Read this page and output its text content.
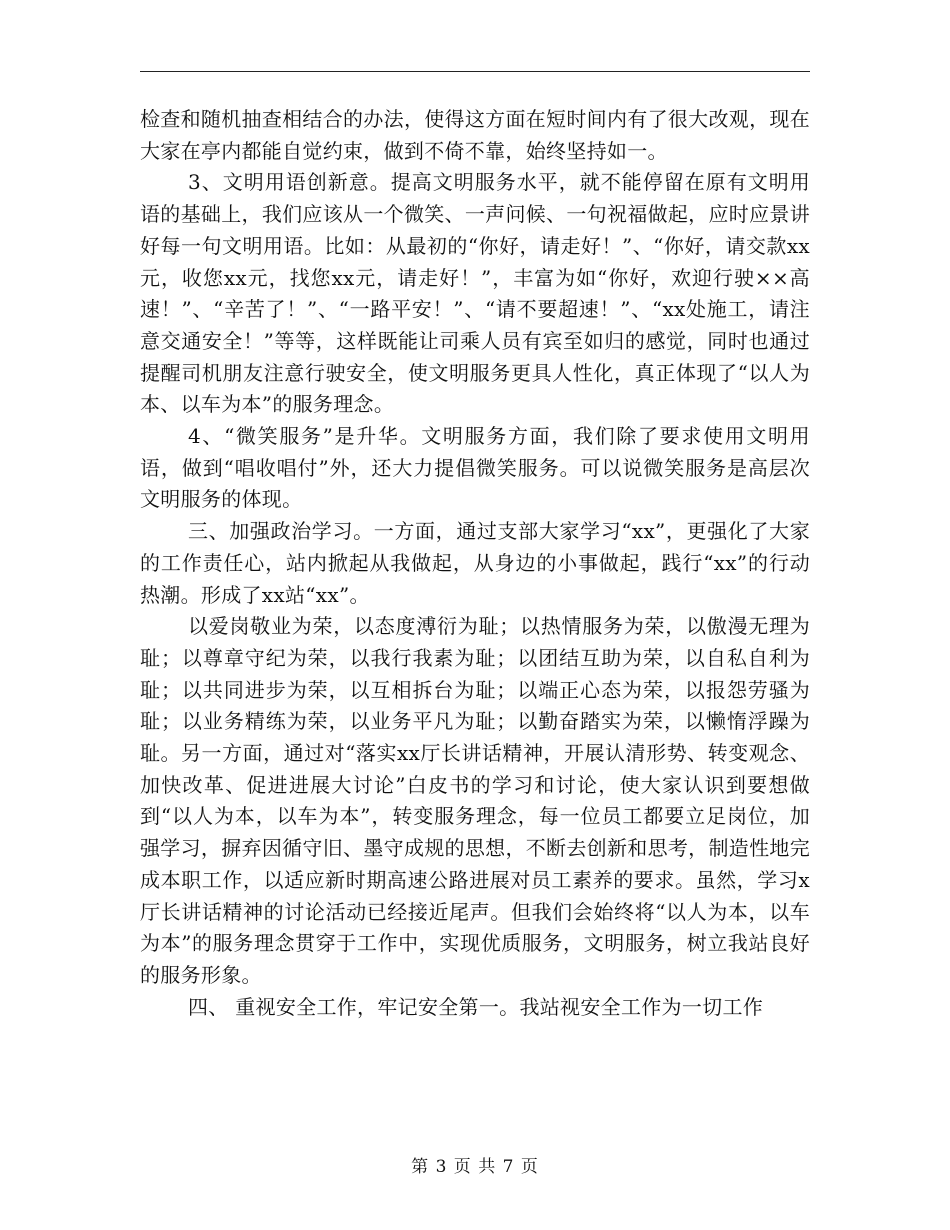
检查和随机抽查相结合的办法，使得这方面在短时间内有了很大改观，现在大家在亭内都能自觉约束，做到不倚不靠，始终坚持如一。

3、文明用语创新意。提高文明服务水平，就不能停留在原有文明用语的基础上，我们应该从一个微笑、一声问候、一句祝福做起，应时应景讲好每一句文明用语。比如：从最初的“你好，请走好！”、“你好，请交款xx元，收您xx元，找您xx元，请走好！”，丰富为如“你好，欢迎行驶××高速！”、“辛苦了！”、“一路平安！”、“请不要超速！”、“xx处施工，请注意交通安全！”等等，这样既能让司乘人员有宾至如归的感觉，同时也通过提醒司机朋友注意行驶安全，使文明服务更具人性化，真正体现了“以人为本、以车为本”的服务理念。

4、“微笑服务”是升华。文明服务方面，我们除了要求使用文明用语，做到“唱收唱付”外，还大力提倡微笑服务。可以说微笑服务是高层次文明服务的体现。

三、加强政治学习。一方面，通过支部大家学习“xx”，更强化了大家的工作责任心，站内掀起从我做起，从身边的小事做起，践行“xx”的行动热潮。形成了xx站“xx”。

以爱岗敬业为荣，以态度溥衍为耻；以热情服务为荣，以傲漫无理为耻；以尊章守纪为荣，以我行我素为耻；以团结互助为荣，以自私自利为耻；以共同进步为荣，以互相拆台为耻；以端正心态为荣，以报怨劳骚为耻；以业务精练为荣，以业务平凡为耻；以勤奋踏实为荣，以懒惰浮躁为耻。另一方面，通过对“落实xx厅长讲话精神，开展认清形势、转变观念、加快改革、促进进展大讨论”白皮书的学习和讨论，使大家认识到要想做到“以人为本，以车为本”，转变服务理念，每一位员工都要立足岗位，加强学习，摒弃因循守旧、墨守成规的思想，不断去创新和思考，制造性地完成本职工作，以适应新时期高速公路进展对员工素养的要求。虽然，学习x厅长讲话精神的讨论活动已经接近尾声。但我们会始终将“以人为本，以车为本”的服务理念贯穿于工作中，实现优质服务，文明服务，树立我站良好的服务形象。

四、 重视安全工作，牢记安全第一。我站视安全工作为一切工作

第 3 页 共 7 页
